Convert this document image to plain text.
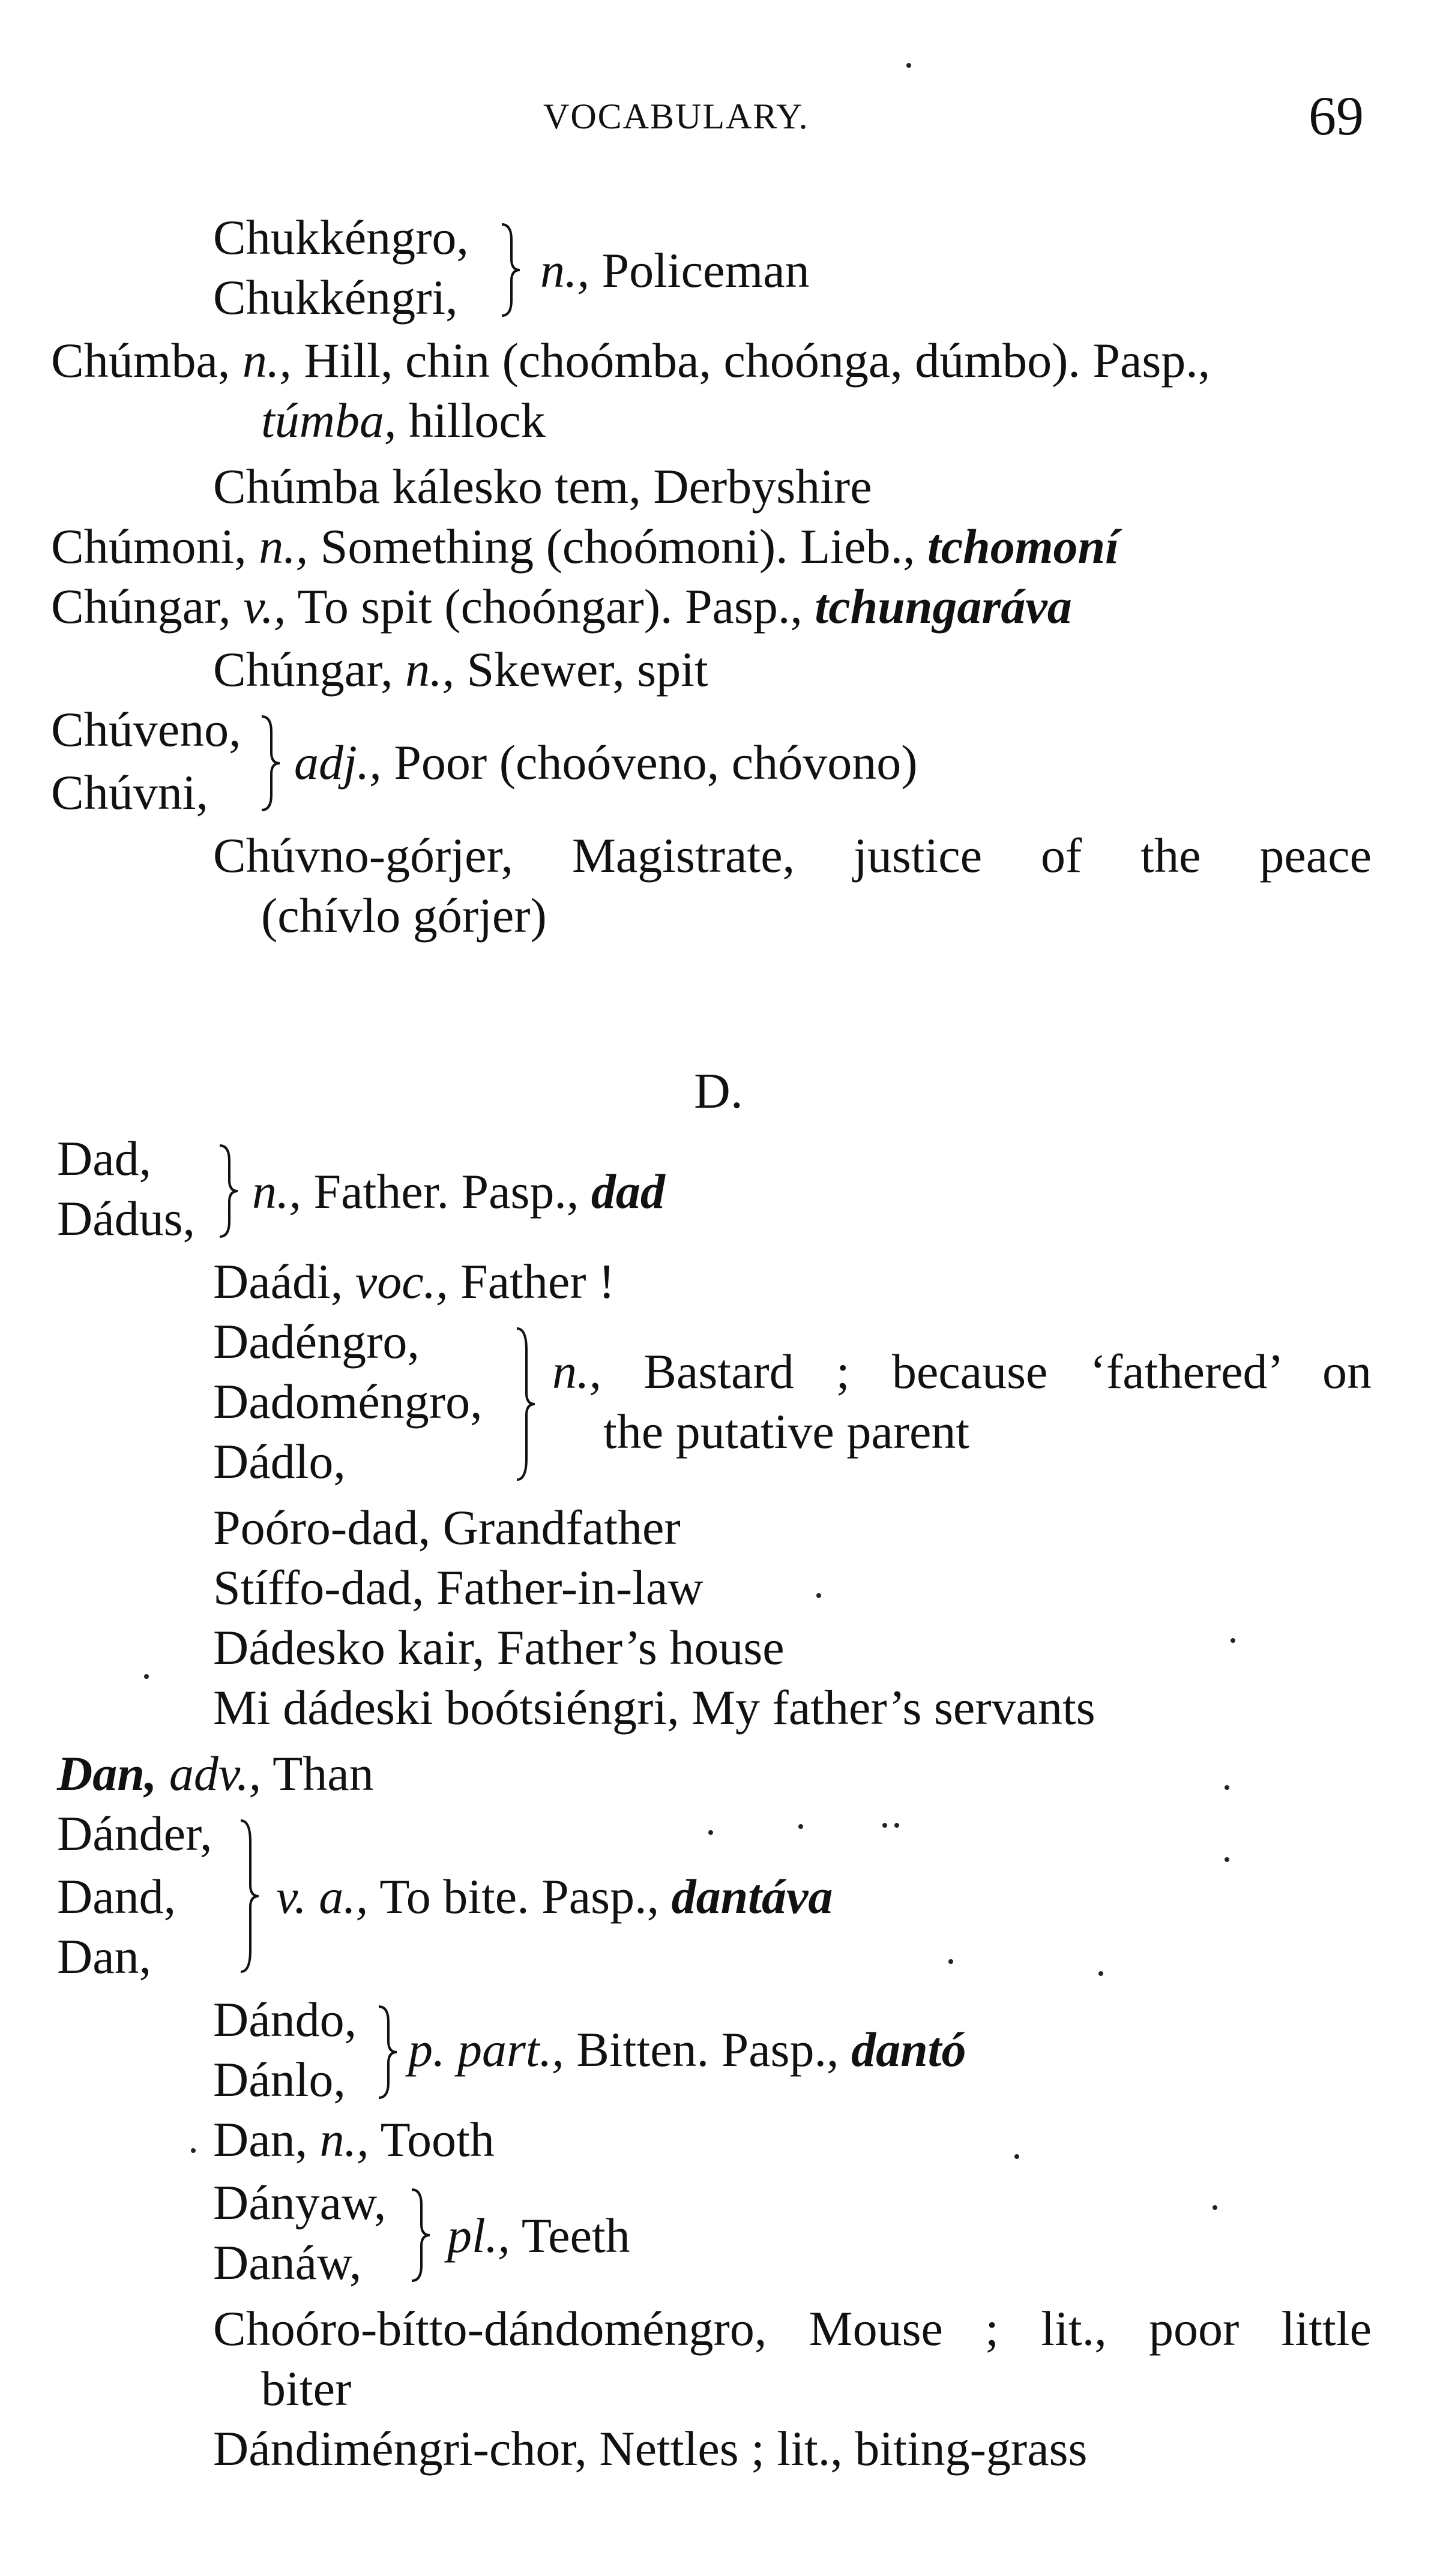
VOCABULARY.	69
Chukkéngro,
Chukkéngri, n., Policeman
Chúmba, n., Hill, chin (choómba, choónga, dúmbo). Pasp.,
túmba, hillock
Chúmba kálesko tem, Derbyshire
Chúmoni, n., Something (choómoni). Lieb., tchomoní
Chúngar, v., To spit (choóngar). Pasp., tchungaráva
Chúngar, n., Skewer, spit
Chúveno,
Chúvni,
adj., Poor (choóveno, chóvono)
Chúvno-górjer, Magistrate, justice of the peace
(chívlo górjer)
D.
Dad,
Dádus, n., Father. Pasp., dad
Daádi, voc., Father !
Dadéngro,
Dadoméngro,
Dádlo,
n., Bastard ; because ‘fathered’ on
the putative parent
Poóro-dad, Grandfather
Stíffo-dad, Father-in-law
Dádesko kair, Father’s house
Mi dádeski boótsiéngri, My father’s servants
Dan, adv., Than
Dánder,
Dand,
Dan,
v. a., To bite. Pasp., dantáva
Dándo,
Dánlo,
p. part., Bitten. Pasp., dantó
Dan, n., Tooth
Dányaw,
Danáw, pl., Teeth
Choóro-bítto-dándoméngro, Mouse ; lit., poor little
biter
Dándiméngri-chor, Nettles ; lit., biting-grass
